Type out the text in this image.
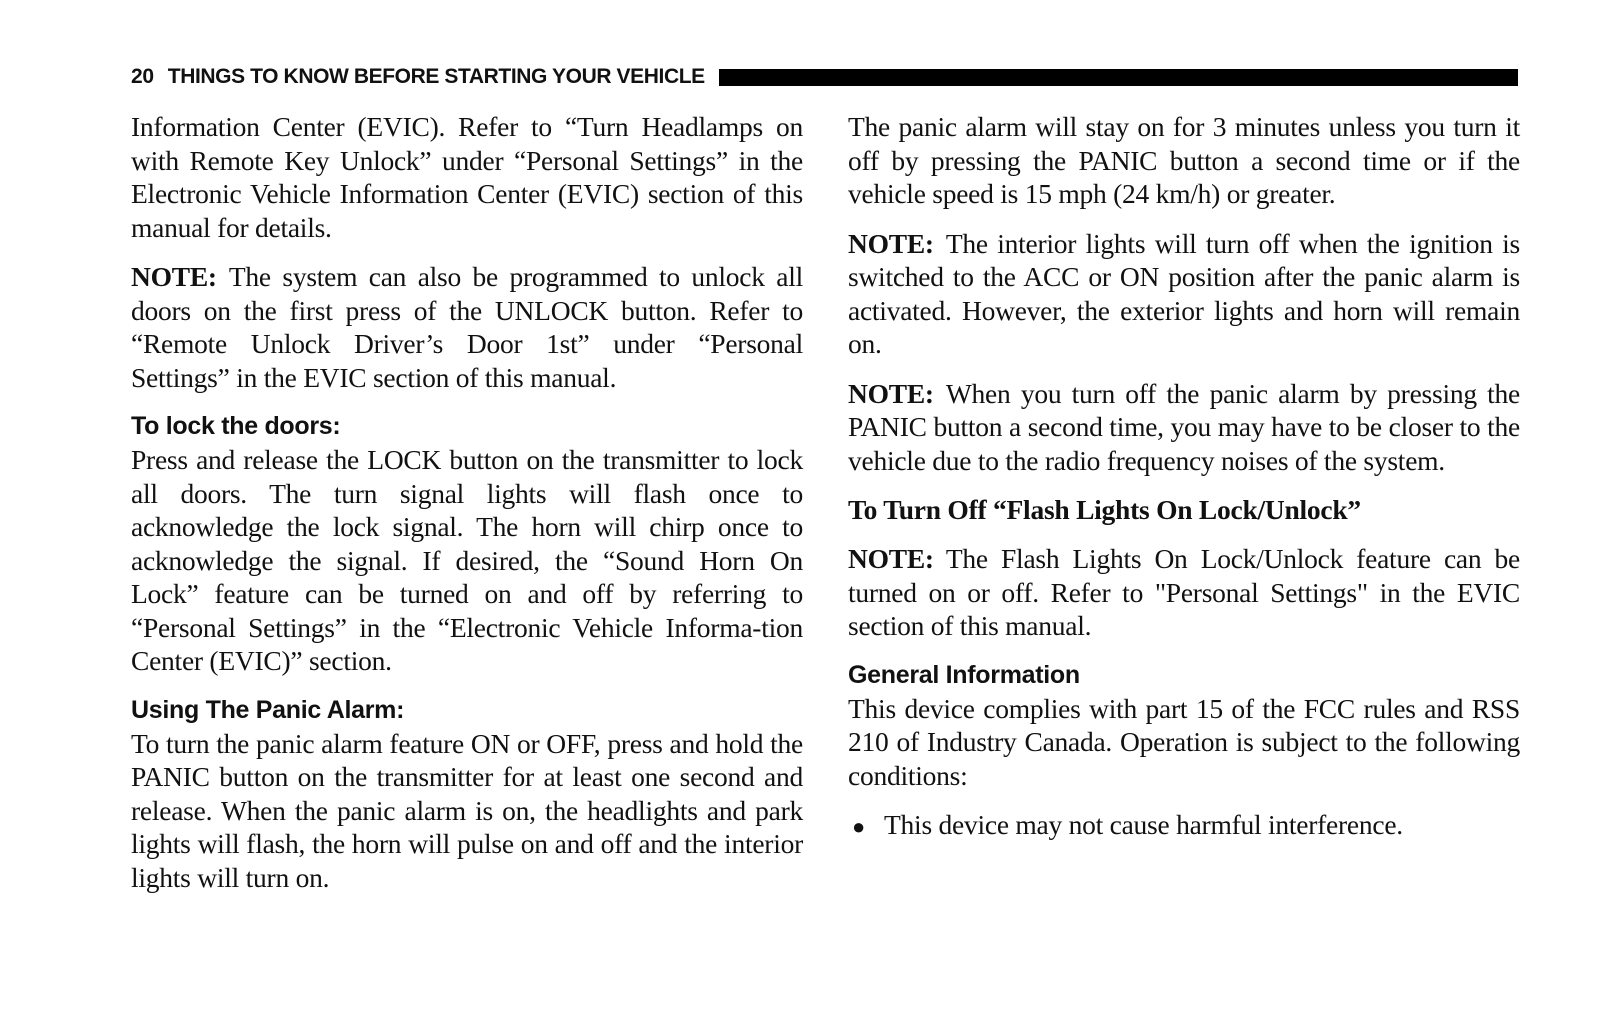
20 THINGS TO KNOW BEFORE STARTING YOUR VEHICLE

Information Center (EVIC). Refer to “Turn Headlamps on with Remote Key Unlock” under “Personal Settings” in the Electronic Vehicle Information Center (EVIC) section of this manual for details.

NOTE: The system can also be programmed to unlock all doors on the first press of the UNLOCK button. Refer to “Remote Unlock Driver’s Door 1st” under “Personal Settings” in the EVIC section of this manual.

To lock the doors:

Press and release the LOCK button on the transmitter to lock all doors. The turn signal lights will flash once to acknowledge the lock signal. The horn will chirp once to acknowledge the signal. If desired, the “Sound Horn On Lock” feature can be turned on and off by referring to “Personal Settings” in the “Electronic Vehicle Informa-tion Center (EVIC)” section.

Using The Panic Alarm:

To turn the panic alarm feature ON or OFF, press and hold the PANIC button on the transmitter for at least one second and release. When the panic alarm is on, the headlights and park lights will flash, the horn will pulse on and off and the interior lights will turn on.

The panic alarm will stay on for 3 minutes unless you turn it off by pressing the PANIC button a second time or if the vehicle speed is 15 mph (24 km/h) or greater.

NOTE: The interior lights will turn off when the ignition is switched to the ACC or ON position after the panic alarm is activated. However, the exterior lights and horn will remain on.

NOTE: When you turn off the panic alarm by pressing the PANIC button a second time, you may have to be closer to the vehicle due to the radio frequency noises of the system.

To Turn Off “Flash Lights On Lock/Unlock”

NOTE: The Flash Lights On Lock/Unlock feature can be turned on or off. Refer to "Personal Settings" in the EVIC section of this manual.

General Information

This device complies with part 15 of the FCC rules and RSS 210 of Industry Canada. Operation is subject to the following conditions:

● This device may not cause harmful interference.
